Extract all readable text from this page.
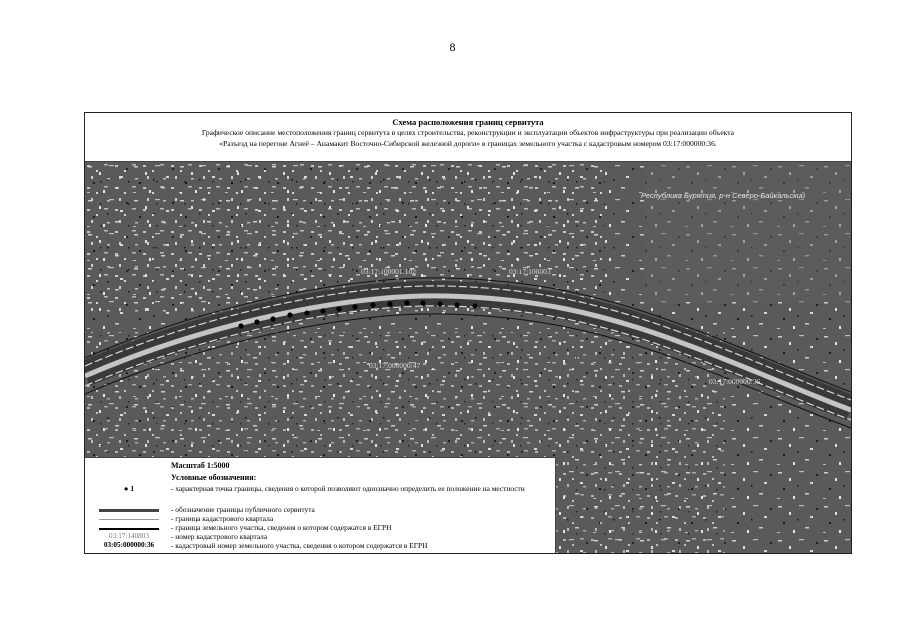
8
Схема расположения границ сервитута
Графическое описание местоположения границ сервитута в целях строительства, реконструкции и эксплуатации объектов инфраструктуры при реализации объекта
«Разъезд на перегоне Агнеё – Анамакит Восточно-Сибирской железной дороги» в границах земельного участка с кадастровым номером 03:17:000000:36.
Республика Бурятия, р-н Северо-Байкальский
03:17:100001:102	03:17:100803
03:17:000000:47
03:17:000000:36
Масштаб 1:5000
Условные обозначения:
● 1	- характерная точка границы, сведения о которой позволяют однозначно определить ее положение на местности
- обозначение границы публичного сервитута
- граница кадастрового квартала
- граница земельного участка, сведения о котором содержатся в ЕГРН
03:17:140803	- номер кадастрового квартала
03:05:000000:36	- кадастровый номер земельного участка, сведения о котором содержатся в ЕГРН
